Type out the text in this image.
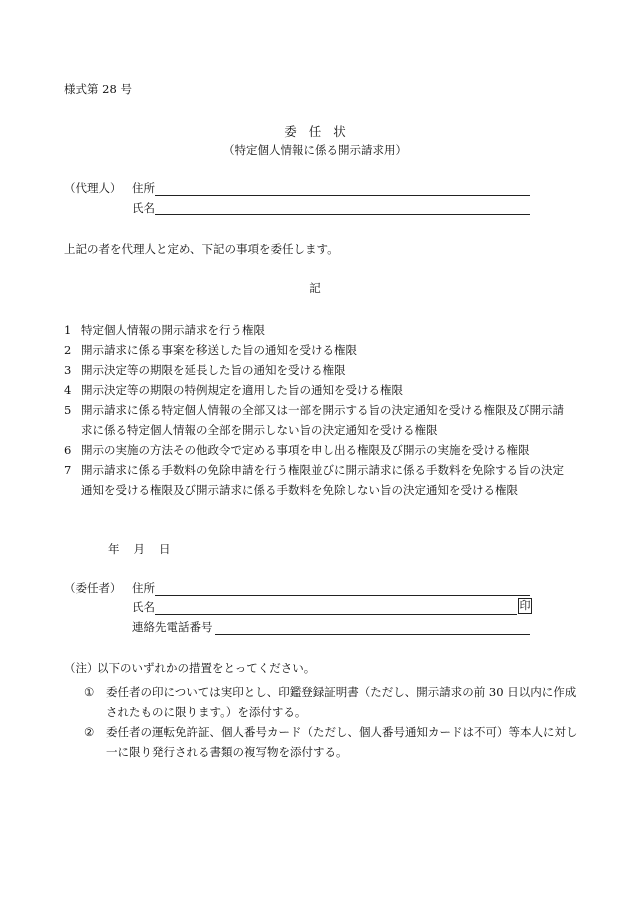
様式第 28 号
委任状
（特定個人情報に係る開示請求用）
（代理人） 住所
氏名
上記の者を代理人と定め、下記の事項を委任します。
記
1 特定個人情報の開示請求を行う権限
2 開示請求に係る事案を移送した旨の通知を受ける権限
3 開示決定等の期限を延長した旨の通知を受ける権限
4 開示決定等の期限の特例規定を適用した旨の通知を受ける権限
5 開示請求に係る特定個人情報の全部又は一部を開示する旨の決定通知を受ける権限及び開示請求に係る特定個人情報の全部を開示しない旨の決定通知を受ける権限
6 開示の実施の方法その他政令で定める事項を申し出る権限及び開示の実施を受ける権限
7 開示請求に係る手数料の免除申請を行う権限並びに開示請求に係る手数料を免除する旨の決定通知を受ける権限及び開示請求に係る手数料を免除しない旨の決定通知を受ける権限
年 月 日
（委任者） 住所
氏名	印
連絡先電話番号
（注）
以下のいずれかの措置をとってください。
①	委任者の印については実印とし、印鑑登録証明書（ただし、開示請求の前 30 日以内に作成されたものに限ります。）を添付する。
②	委任者の運転免許証、個人番号カード（ただし、個人番号通知カードは不可）等本人に対し一に限り発行される書類の複写物を添付する。
